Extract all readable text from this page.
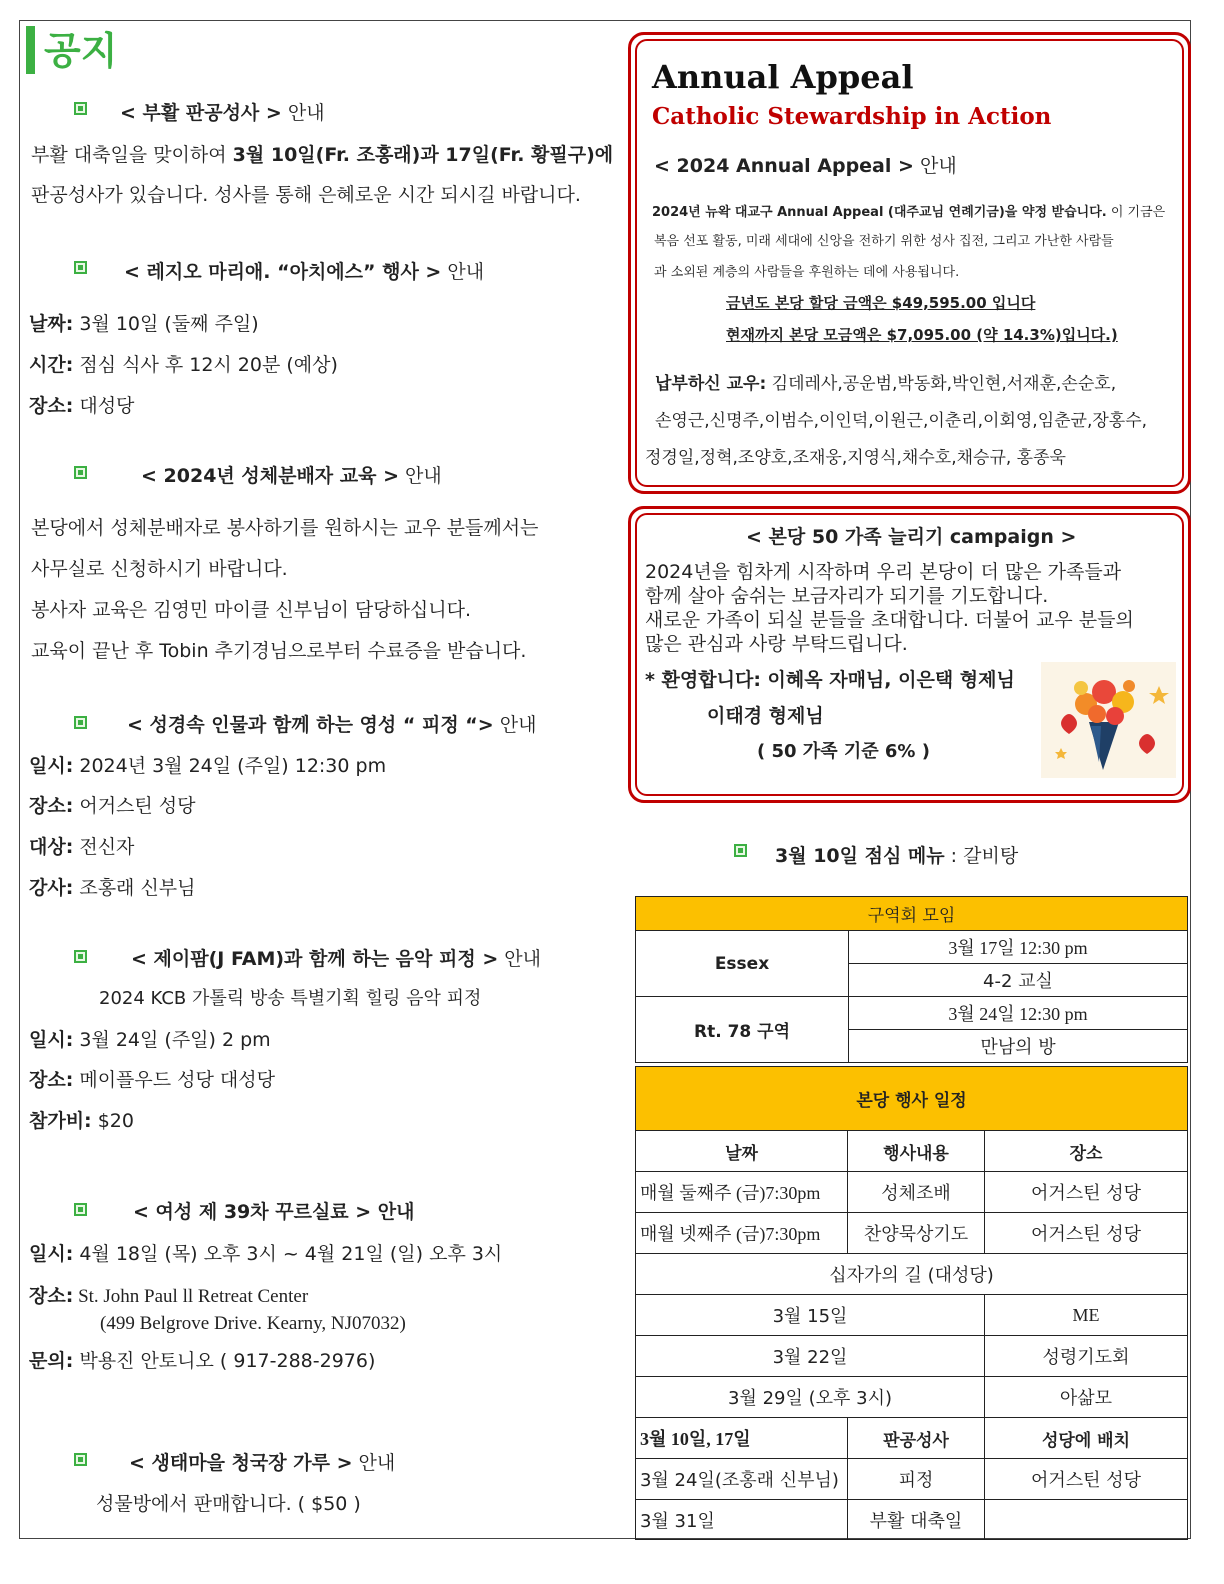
공지
< 부활 판공성사 > 안내
부활 대축일을 맞이하여 3월 10일(Fr. 조홍래)과 17일(Fr. 황필구)에
판공성사가 있습니다. 성사를 통해 은혜로운 시간 되시길 바랍니다.
< 레지오 마리애. “아치에스” 행사 > 안내
날짜: 3월 10일 (둘째 주일)
시간: 점심 식사 후 12시 20분 (예상)
장소: 대성당
< 2024년 성체분배자 교육 > 안내
본당에서 성체분배자로 봉사하기를 원하시는 교우 분들께서는
사무실로 신청하시기 바랍니다.
봉사자 교육은 김영민 마이클 신부님이 담당하십니다.
교육이 끝난 후 Tobin 추기경님으로부터 수료증을 받습니다.
< 성경속 인물과 함께 하는 영성 “ 피정 “> 안내
일시: 2024년 3월 24일 (주일) 12:30 pm
장소: 어거스틴 성당
대상: 전신자
강사: 조홍래 신부님
< 제이팜(J FAM)과 함께 하는 음악 피정 > 안내
2024 KCB 가톨릭 방송 특별기획 힐링 음악 피정
일시: 3월 24일 (주일) 2 pm
장소: 메이플우드 성당 대성당
참가비: $20
< 여성 제 39차 꾸르실료 > 안내
일시: 4월 18일 (목) 오후 3시 ~ 4월 21일 (일) 오후 3시
장소: St. John Paul ll Retreat Center
(499 Belgrove Drive. Kearny, NJ07032)
문의: 박용진 안토니오 ( 917-288-2976)
< 생태마을 청국장 가루 > 안내
성물방에서 판매합니다. ( $50 )
Annual Appeal
Catholic Stewardship in Action
< 2024 Annual Appeal > 안내
2024년 뉴왁 대교구 Annual Appeal (대주교님 연례기금)을 약정 받습니다. 이 기금은
복음 선포 활동, 미래 세대에 신앙을 전하기 위한 성사 집전, 그리고 가난한 사람들
과 소외된 계층의 사람들을 후원하는 데에 사용됩니다.
금년도 본당 할당 금액은 $49,595.00 입니다
현재까지 본당 모금액은 $7,095.00 (약 14.3%)입니다.)
납부하신 교우: 김데레사,공운범,박동화,박인현,서재훈,손순호,
손영근,신명주,이범수,이인덕,이원근,이춘리,이회영,임춘균,장홍수,
정경일,정혁,조양호,조재웅,지영식,채수호,채승규, 홍종욱
< 본당 50 가족 늘리기 campaign >
2024년을 힘차게 시작하며 우리 본당이 더 많은 가족들과
함께 살아 숨쉬는 보금자리가 되기를 기도합니다.
새로운 가족이 되실 분들을 초대합니다. 더불어 교우 분들의
많은 관심과 사랑 부탁드립니다.
* 환영합니다: 이혜옥 자매님, 이은택 형제님
이태경 형제님
( 50 가족 기준 6% )
3월 10일 점심 메뉴 : 갈비탕
구역회 모임	
Essex	3월 17일 12:30 pm
	4-2 교실
Rt. 78 구역	3월 24일 12:30 pm
	만남의 방
본당 행사 일정		
날짜	행사내용	장소
매월 둘째주 (금)7:30pm	성체조배	어거스틴 성당
매월 넷째주 (금)7:30pm	찬양묵상기도	어거스틴 성당
십자가의 길 (대성당)		
3월 15일		ME
3월 22일		성령기도회
3월 29일 (오후 3시)		아삶모
3월 10일, 17일	판공성사	성당에 배치
3월 24일(조홍래 신부님)	피정	어거스틴 성당
3월 31일	부활 대축일	
